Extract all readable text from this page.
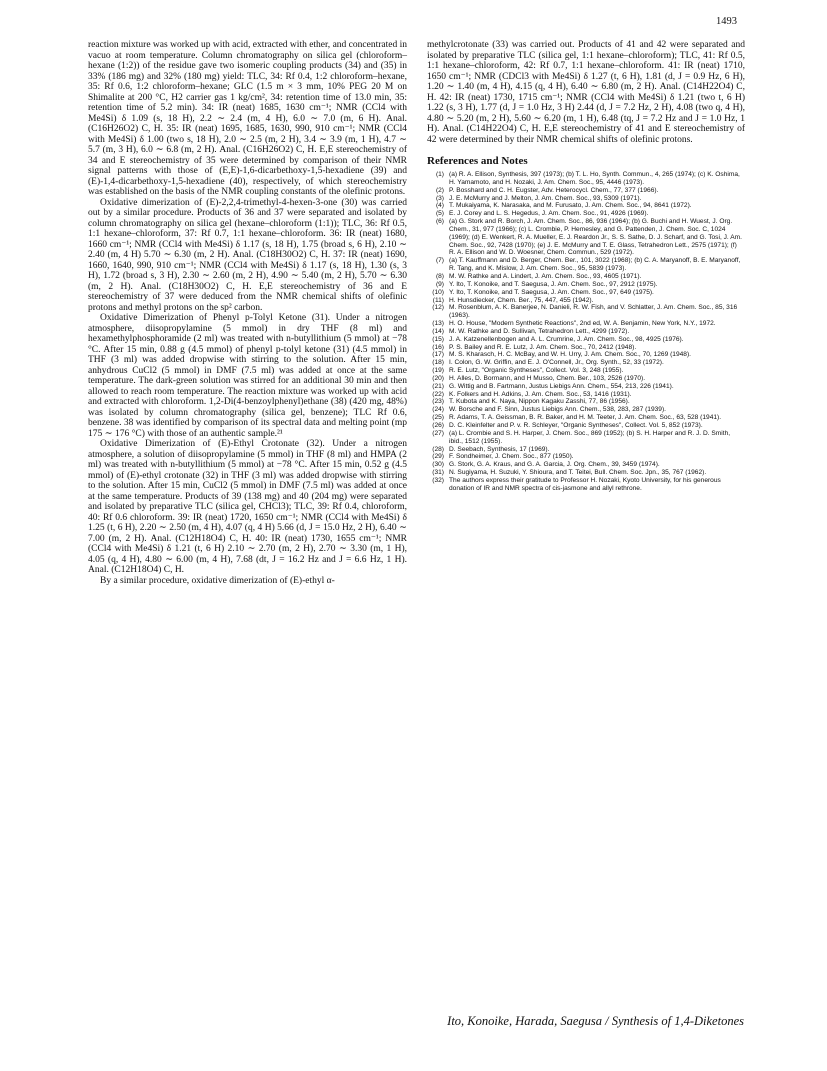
1493

reaction mixture was worked up with acid, extracted with ether, and concentrated in vacuo at room temperature. Column chromatography on silica gel (chloroform–hexane (1:2)) of the residue gave two isomeric coupling products (34) and (35) in 33% (186 mg) and 32% (180 mg) yield: TLC, 34: Rf 0.4, 1:2 chloroform–hexane, 35: Rf 0.6, 1:2 chloroform–hexane; GLC (1.5 m × 3 mm, 10% PEG 20 M on Shimalite at 200 °C, H2 carrier gas 1 kg/cm², 34: retention time of 13.0 min, 35: retention time of 5.2 min). 34: IR (neat) 1685, 1630 cm⁻¹; NMR (CCl4 with Me4Si) δ 1.09 (s, 18 H), 2.2 ∼ 2.4 (m, 4 H), 6.0 ∼ 7.0 (m, 6 H). Anal. (C16H26O2) C, H. 35: IR (neat) 1695, 1685, 1630, 990, 910 cm⁻¹; NMR (CCl4 with Me4Si) δ 1.00 (two s, 18 H), 2.0 ∼ 2.5 (m, 2 H), 3.4 ∼ 3.9 (m, 1 H), 4.7 ∼ 5.7 (m, 3 H), 6.0 ∼ 6.8 (m, 2 H). Anal. (C16H26O2) C, H. E,E stereochemistry of 34 and E stereochemistry of 35 were determined by comparison of their NMR signal patterns with those of (E,E)-1,6-dicarbethoxy-1,5-hexadiene (39) and (E)-1,4-dicarbethoxy-1,5-hexadiene (40), respectively, of which stereochemistry was established on the basis of the NMR coupling constants of the olefinic protons.

Oxidative dimerization of (E)-2,2,4-trimethyl-4-hexen-3-one (30) was carried out by a similar procedure. Products of 36 and 37 were separated and isolated by column chromatography on silica gel (hexane–chloroform (1:1)); TLC, 36: Rf 0.5, 1:1 hexane–chloroform, 37: Rf 0.7, 1:1 hexane–chloroform. 36: IR (neat) 1680, 1660 cm⁻¹; NMR (CCl4 with Me4Si) δ 1.17 (s, 18 H), 1.75 (broad s, 6 H), 2.10 ∼ 2.40 (m, 4 H) 5.70 ∼ 6.30 (m, 2 H). Anal. (C18H30O2) C, H. 37: IR (neat) 1690, 1660, 1640, 990, 910 cm⁻¹; NMR (CCl4 with Me4Si) δ 1.17 (s, 18 H), 1.30 (s, 3 H), 1.72 (broad s, 3 H), 2.30 ∼ 2.60 (m, 2 H), 4.90 ∼ 5.40 (m, 2 H), 5.70 ∼ 6.30 (m, 2 H). Anal. (C18H30O2) C, H. E,E stereochemistry of 36 and E stereochemistry of 37 were deduced from the NMR chemical shifts of olefinic protons and methyl protons on the sp² carbon.

Oxidative Dimerization of Phenyl p-Tolyl Ketone (31). Under a nitrogen atmosphere, diisopropylamine (5 mmol) in dry THF (8 ml) and hexamethylphosphoramide (2 ml) was treated with n-butyllithium (5 mmol) at −78 °C. After 15 min, 0.88 g (4.5 mmol) of phenyl p-tolyl ketone (31) (4.5 mmol) in THF (3 ml) was added dropwise with stirring to the solution. After 15 min, anhydrous CuCl2 (5 mmol) in DMF (7.5 ml) was added at once at the same temperature. The dark-green solution was stirred for an additional 30 min and then allowed to reach room temperature. The reaction mixture was worked up with acid and extracted with chloroform. 1,2-Di(4-benzoylphenyl)ethane (38) (420 mg, 48%) was isolated by column chromatography (silica gel, benzene); TLC Rf 0.6, benzene. 38 was identified by comparison of its spectral data and melting point (mp 175 ∼ 176 °C) with those of an authentic sample.²¹

Oxidative Dimerization of (E)-Ethyl Crotonate (32). Under a nitrogen atmosphere, a solution of diisopropylamine (5 mmol) in THF (8 ml) and HMPA (2 ml) was treated with n-butyllithium (5 mmol) at −78 °C. After 15 min, 0.52 g (4.5 mmol) of (E)-ethyl crotonate (32) in THF (3 ml) was added dropwise with stirring to the solution. After 15 min, CuCl2 (5 mmol) in DMF (7.5 ml) was added at once at the same temperature. Products of 39 (138 mg) and 40 (204 mg) were separated and isolated by preparative TLC (silica gel, CHCl3); TLC, 39: Rf 0.4, chloroform, 40: Rf 0.6 chloroform. 39: IR (neat) 1720, 1650 cm⁻¹; NMR (CCl4 with Me4Si) δ 1.25 (t, 6 H), 2.20 ∼ 2.50 (m, 4 H), 4.07 (q, 4 H) 5.66 (d, J = 15.0 Hz, 2 H), 6.40 ∼ 7.00 (m, 2 H). Anal. (C12H18O4) C, H. 40: IR (neat) 1730, 1655 cm⁻¹; NMR (CCl4 with Me4Si) δ 1.21 (t, 6 H) 2.10 ∼ 2.70 (m, 2 H), 2.70 ∼ 3.30 (m, 1 H), 4.05 (q, 4 H), 4.80 ∼ 6.00 (m, 4 H), 7.68 (dt, J = 16.2 Hz and J = 6.6 Hz, 1 H). Anal. (C12H18O4) C, H.

By a similar procedure, oxidative dimerization of (E)-ethyl α-

methylcrotonate (33) was carried out. Products of 41 and 42 were separated and isolated by preparative TLC (silica gel, 1:1 hexane–chloroform); TLC, 41: Rf 0.5, 1:1 hexane–chloroform, 42: Rf 0.7, 1:1 hexane–chloroform. 41: IR (neat) 1710, 1650 cm⁻¹; NMR (CDCl3 with Me4Si) δ 1.27 (t, 6 H), 1.81 (d, J = 0.9 Hz, 6 H), 1.20 ∼ 1.40 (m, 4 H), 4.15 (q, 4 H), 6.40 ∼ 6.80 (m, 2 H). Anal. (C14H22O4) C, H. 42: IR (neat) 1730, 1715 cm⁻¹; NMR (CCl4 with Me4Si) δ 1.21 (two t, 6 H) 1.22 (s, 3 H), 1.77 (d, J = 1.0 Hz, 3 H) 2.44 (d, J = 7.2 Hz, 2 H), 4.08 (two q, 4 H), 4.80 ∼ 5.20 (m, 2 H), 5.60 ∼ 6.20 (m, 1 H), 6.48 (tq, J = 7.2 Hz and J = 1.0 Hz, 1 H). Anal. (C14H22O4) C, H. E,E stereochemistry of 41 and E stereochemistry of 42 were determined by their NMR chemical shifts of olefinic protons.

References and Notes
(1) (a) R. A. Ellison, Synthesis, 397 (1973); (b) T. L. Ho, Synth. Commun., 4, 265 (1974); (c) K. Oshima, H. Yamamoto, and H. Nozaki, J. Am. Chem. Soc., 95, 4446 (1973).
(2) P. Bosshard and C. H. Eugster, Adv. Heterocycl. Chem., 77, 377 (1966).
(3) J. E. McMurry and J. Melton, J. Am. Chem. Soc., 93, 5309 (1971).
(4) T. Mukaiyama, K. Narasaka, and M. Furusato, J. Am. Chem. Soc., 94, 8641 (1972).
(5) E. J. Corey and L. S. Hegedus, J. Am. Chem. Soc., 91, 4926 (1969).
(6) (a) G. Stork and R. Borch, J. Am. Chem. Soc., 86, 936 (1964); (b) G. Buchi and H. Wuest, J. Org. Chem., 31, 977 (1966); (c) L. Crombie, P. Hemesley, and G. Pattenden, J. Chem. Soc. C, 1024 (1969); (d) E. Wenkert, R. A. Mueller, E. J. Reardon Jr., S. S. Sathe, D. J. Scharf, and G. Tosi, J. Am. Chem. Soc., 92, 7428 (1970); (e) J. E. McMurry and T. E. Glass, Tetrahedron Lett., 2575 (1971); (f) R. A. Ellison and W. D. Woesner, Chem. Commun., 529 (1972).
(7) (a) T. Kauffmann and D. Berger, Chem. Ber., 101, 3022 (1968); (b) C. A. Maryanoff, B. E. Maryanoff, R. Tang, and K. Mislow, J. Am. Chem. Soc., 95, 5839 (1973).
(8) M. W. Rathke and A. Lindert, J. Am. Chem. Soc., 93, 4605 (1971).
(9) Y. Ito, T. Konoike, and T. Saegusa, J. Am. Chem. Soc., 97, 2912 (1975).
(10) Y. Ito, T. Konoike, and T. Saegusa, J. Am. Chem. Soc., 97, 649 (1975).
(11) H. Hunsdiecker, Chem. Ber., 75, 447, 455 (1942).
(12) M. Rosenblum, A. K. Banerjee, N. Danieli, R. W. Fish, and V. Schlatter, J. Am. Chem. Soc., 85, 316 (1963).
(13) H. O. House, "Modern Synthetic Reactions", 2nd ed, W. A. Benjamin, New York, N.Y., 1972.
(14) M. W. Rathke and D. Sullivan, Tetrahedron Lett., 4299 (1972).
(15) J. A. Katzenellenbogen and A. L. Crumrine, J. Am. Chem. Soc., 98, 4925 (1976).
(16) P. S. Bailey and R. E. Lutz, J. Am. Chem. Soc., 70, 2412 (1948).
(17) M. S. Kharasch, H. C. McBay, and W. H. Urry, J. Am. Chem. Soc., 70, 1269 (1948).
(18) I. Colon, G. W. Griffin, and E. J. O'Connell, Jr., Org. Synth., 52, 33 (1972).
(19) R. E. Lutz, "Organic Syntheses", Collect. Vol. 3, 248 (1955).
(20) H. Alles, D. Bormann, and H Musso, Chem. Ber., 103, 2526 (1970).
(21) G. Wittig and B. Fartmann, Justus Liebigs Ann. Chem., 554, 213, 226 (1941).
(22) K. Folkers and H. Adkins, J. Am. Chem. Soc., 53, 1416 (1931).
(23) T. Kubota and K. Naya, Nippon Kagaku Zasshi, 77, 86 (1956).
(24) W. Borsche and F. Sinn, Justus Liebigs Ann. Chem., 538, 283, 287 (1939).
(25) R. Adams, T. A. Geissman, B. R. Baker, and H. M. Teeter, J. Am. Chem. Soc., 63, 528 (1941).
(26) D. C. Kleinfelter and P. v. R. Schleyer, "Organic Syntheses", Collect. Vol. 5, 852 (1973).
(27) (a) L. Crombie and S. H. Harper, J. Chem. Soc., 869 (1952); (b) S. H. Harper and R. J. D. Smith, ibid., 1512 (1955).
(28) D. Seebach, Synthesis, 17 (1969).
(29) F. Sondheimer, J. Chem. Soc., 877 (1950).
(30) G. Stork, G. A. Kraus, and G. A. Garcia, J. Org. Chem., 39, 3459 (1974).
(31) N. Sugiyama, H. Suzuki, Y. Shioura, and T. Teitei, Bull. Chem. Soc. Jpn., 35, 767 (1962).
(32) The authors express their gratitude to Professor H. Nozaki, Kyoto University, for his generous donation of IR and NMR spectra of cis-jasmone and allyl rethrone.
Ito, Konoike, Harada, Saegusa / Synthesis of 1,4-Diketones
